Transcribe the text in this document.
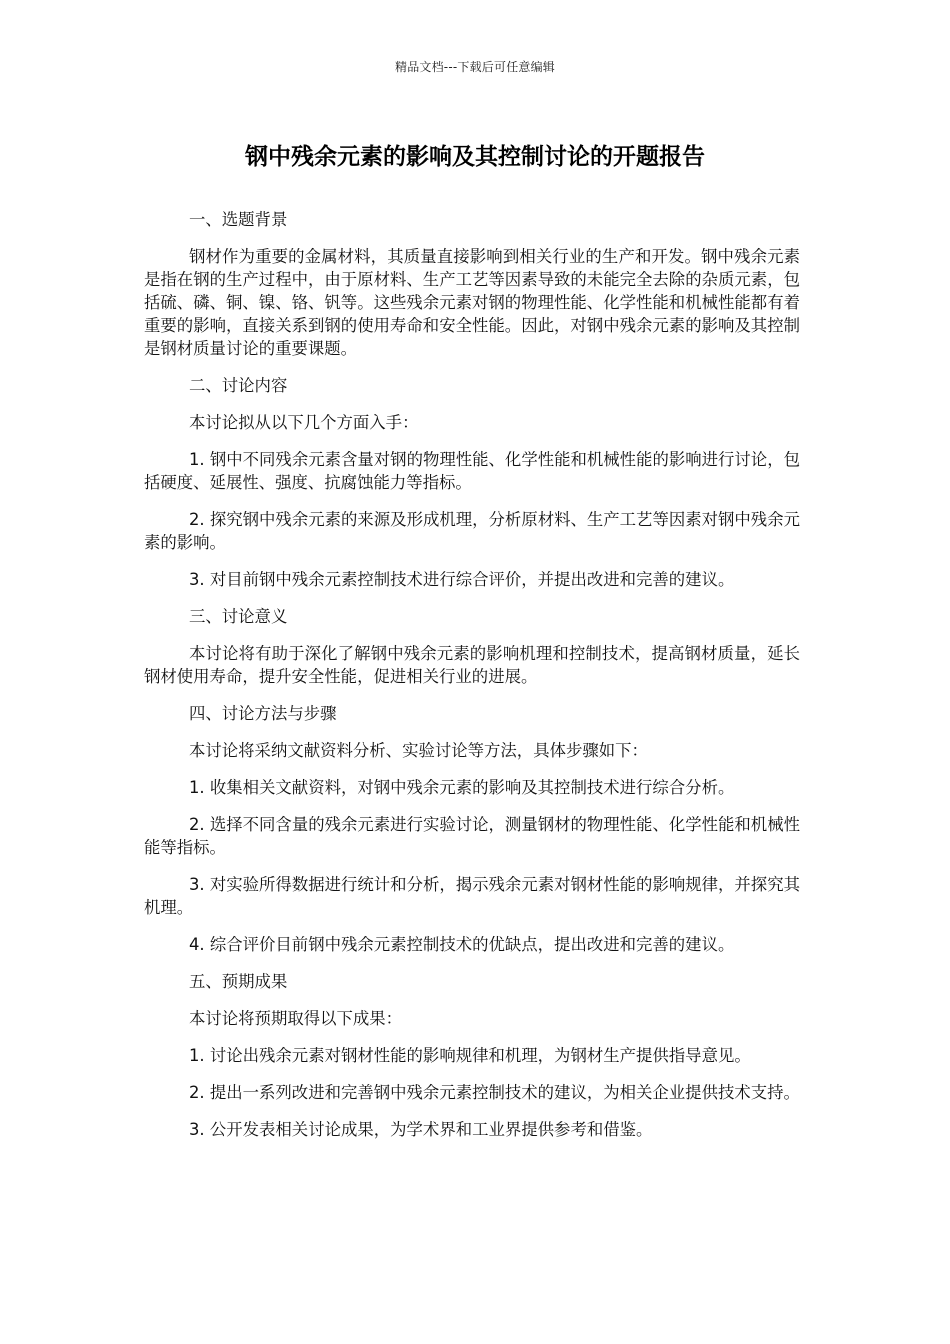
精品文档---下载后可任意编辑
钢中残余元素的影响及其控制讨论的开题报告

一、选题背景

钢材作为重要的金属材料，其质量直接影响到相关行业的生产和开发。钢中残余元素是指在钢的生产过程中，由于原材料、生产工艺等因素导致的未能完全去除的杂质元素，包括硫、磷、铜、镍、铬、钒等。这些残余元素对钢的物理性能、化学性能和机械性能都有着重要的影响，直接关系到钢的使用寿命和安全性能。因此，对钢中残余元素的影响及其控制是钢材质量讨论的重要课题。

二、讨论内容

本讨论拟从以下几个方面入手：

1. 钢中不同残余元素含量对钢的物理性能、化学性能和机械性能的影响进行讨论，包括硬度、延展性、强度、抗腐蚀能力等指标。

2. 探究钢中残余元素的来源及形成机理，分析原材料、生产工艺等因素对钢中残余元素的影响。

3. 对目前钢中残余元素控制技术进行综合评价，并提出改进和完善的建议。

三、讨论意义

本讨论将有助于深化了解钢中残余元素的影响机理和控制技术，提高钢材质量，延长钢材使用寿命，提升安全性能，促进相关行业的进展。

四、讨论方法与步骤

本讨论将采纳文献资料分析、实验讨论等方法，具体步骤如下：

1. 收集相关文献资料，对钢中残余元素的影响及其控制技术进行综合分析。

2. 选择不同含量的残余元素进行实验讨论，测量钢材的物理性能、化学性能和机械性能等指标。

3. 对实验所得数据进行统计和分析，揭示残余元素对钢材性能的影响规律，并探究其机理。

4. 综合评价目前钢中残余元素控制技术的优缺点，提出改进和完善的建议。

五、预期成果

本讨论将预期取得以下成果：

1. 讨论出残余元素对钢材性能的影响规律和机理，为钢材生产提供指导意见。

2. 提出一系列改进和完善钢中残余元素控制技术的建议，为相关企业提供技术支持。

3. 公开发表相关讨论成果，为学术界和工业界提供参考和借鉴。
